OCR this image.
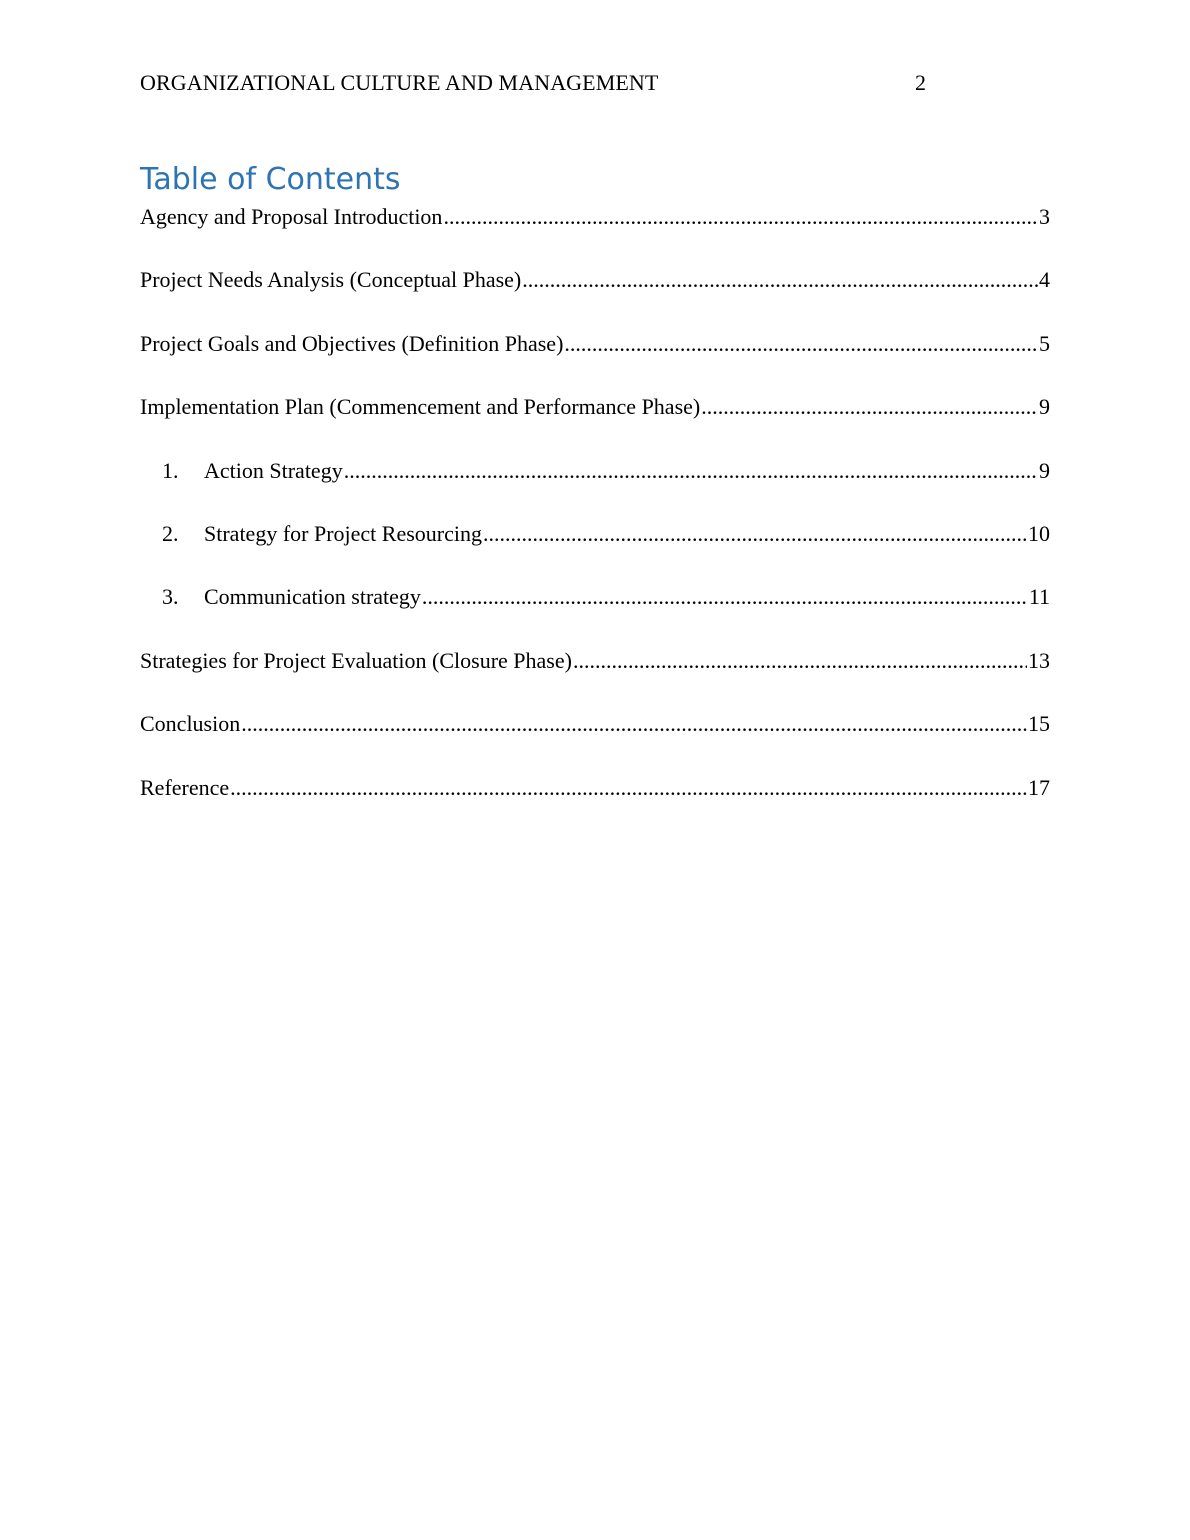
ORGANIZATIONAL CULTURE AND MANAGEMENT	2
Table of Contents
Agency and Proposal Introduction .....	3
Project Needs Analysis (Conceptual Phase) .....	4
Project Goals and Objectives (Definition Phase) .....	5
Implementation Plan (Commencement and Performance Phase) .....	9
1.	Action Strategy .....	9
2.	Strategy for Project Resourcing .....	10
3.	Communication strategy .....	11
Strategies for Project Evaluation (Closure Phase) .....	13
Conclusion .....	15
Reference .....	17
